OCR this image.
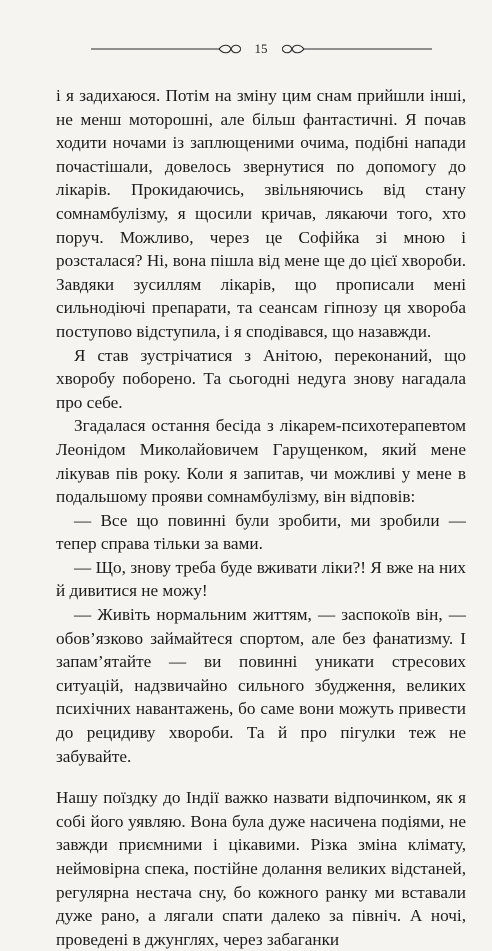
15

і я задихаюся. Потім на зміну цим снам прийшли інші, не менш моторошні, але більш фантастичні. Я почав ходити ночами із заплющеними очима, подібні напади почастішали, довелось звернутися по допомогу до лікарів. Прокидаючись, звільняючись від стану сомнамбулізму, я щосили кричав, лякаючи того, хто поруч. Можливо, через це Софійка зі мною і розсталася? Ні, вона пішла від мене ще до цієї хвороби. Завдяки зусиллям лікарів, що прописали мені сильнодіючі препарати, та сеансам гіпнозу ця хвороба поступово відступила, і я сподівався, що назавжди.

Я став зустрічатися з Анітою, переконаний, що хворобу поборено. Та сьогодні недуга знову нагадала про себе.

Згадалася остання бесіда з лікарем-психотерапевтом Леонідом Миколайовичем Гарущенком, який мене лікував пів року. Коли я запитав, чи можливі у мене в подальшому прояви сомнамбулізму, він відповів:

— Все що повинні були зробити, ми зробили — тепер справа тільки за вами.

— Що, знову треба буде вживати ліки?! Я вже на них й дивитися не можу!

— Живіть нормальним життям, — заспокоїв він, — обов’язково займайтеся спортом, але без фанатизму. І запам’ятайте — ви повинні уникати стресових ситуацій, надзвичайно сильного збудження, великих психічних навантажень, бо саме вони можуть привести до рецидиву хвороби. Та й про пігулки теж не забувайте.

Нашу поїздку до Індії важко назвати відпочинком, як я собі його уявляю. Вона була дуже насичена подіями, не завжди приємними і цікавими. Різка зміна клімату, неймовірна спека, постійне долання великих відстаней, регулярна нестача сну, бо кожного ранку ми вставали дуже рано, а лягали спати далеко за північ. А ночі, проведені в джунглях, через забаганки
